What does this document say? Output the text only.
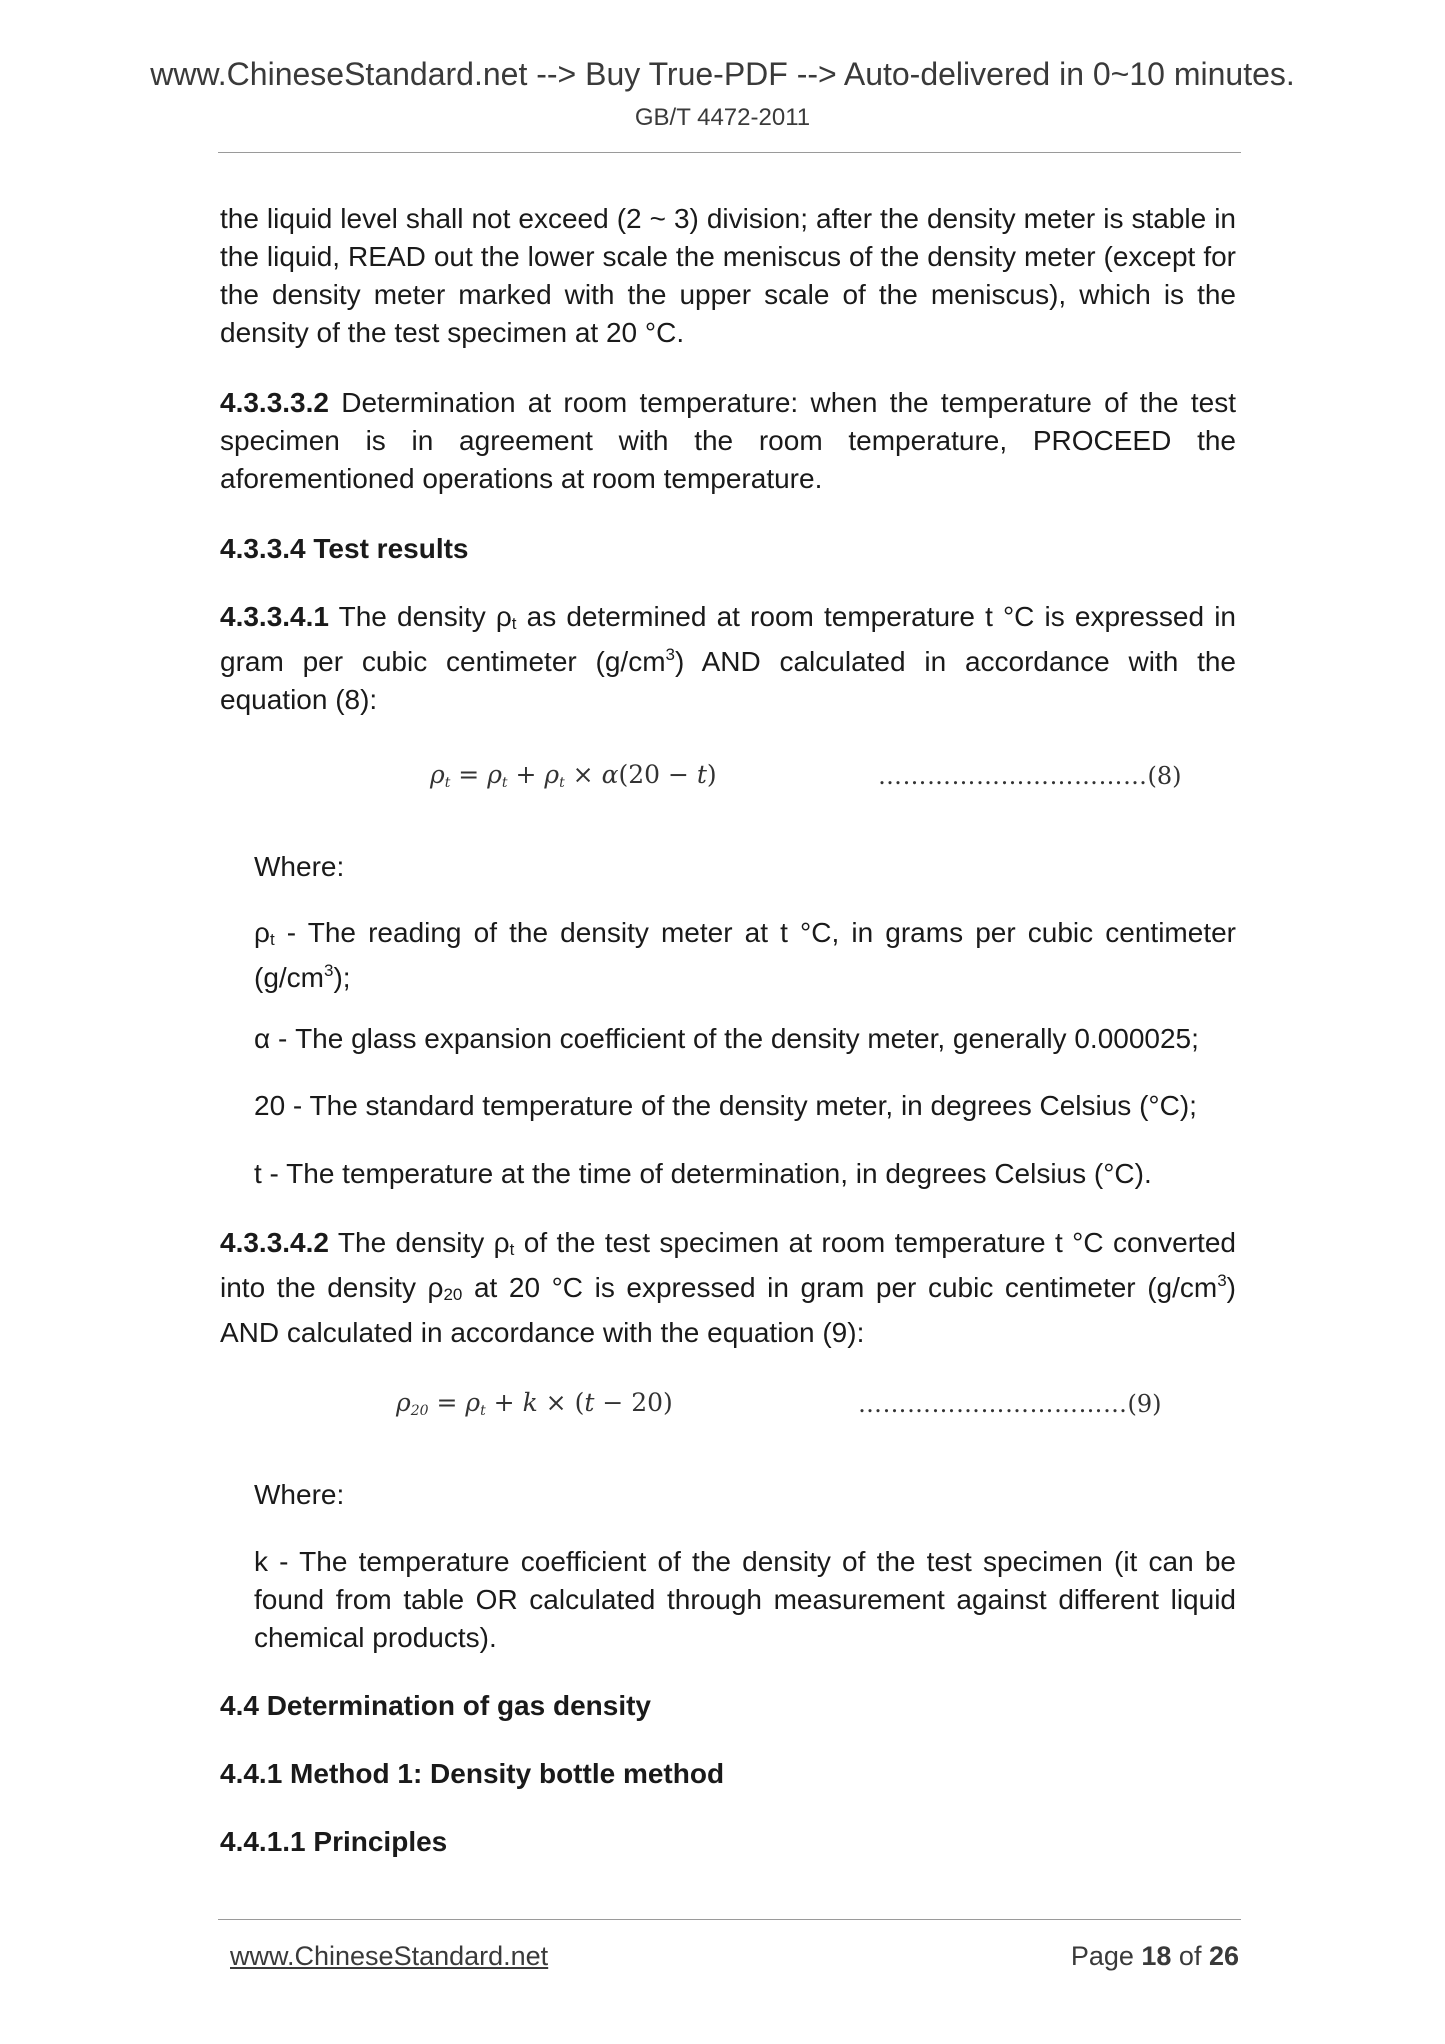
www.ChineseStandard.net --> Buy True-PDF --> Auto-delivered in 0~10 minutes.
GB/T 4472-2011

the liquid level shall not exceed (2 ~ 3) division; after the density meter is stable in the liquid, READ out the lower scale the meniscus of the density meter (except for the density meter marked with the upper scale of the meniscus), which is the density of the test specimen at 20 °C.

4.3.3.3.2 Determination at room temperature: when the temperature of the test specimen is in agreement with the room temperature, PROCEED the aforementioned operations at room temperature.

4.3.3.4 Test results

4.3.3.4.1 The density ρt as determined at room temperature t °C is expressed in gram per cubic centimeter $(g/cm^3)$ AND calculated in accordance with the equation (8):

ρt = ρt + ρt × α(20 − t)	……………………………(8)
Where:
ρt - The reading of the density meter at t °C, in grams per cubic centimeter $(g/cm^3)$;
α - The glass expansion coefficient of the density meter, generally 0.000025;
20 - The standard temperature of the density meter, in degrees Celsius (°C);
t - The temperature at the time of determination, in degrees Celsius (°C).

4.3.3.4.2 The density ρt of the test specimen at room temperature t °C converted into the density ρ20 at 20 °C is expressed in gram per cubic centimeter $(g/cm^3)$ AND calculated in accordance with the equation (9):

ρ20 = ρt + k × (t − 20)	……………………………(9)
Where:
k - The temperature coefficient of the density of the test specimen (it can be found from table OR calculated through measurement against different liquid chemical products).
4.4 Determination of gas density
4.4.1 Method 1: Density bottle method
4.4.1.1 Principles
www.ChineseStandard.net	Page 18 of 26
